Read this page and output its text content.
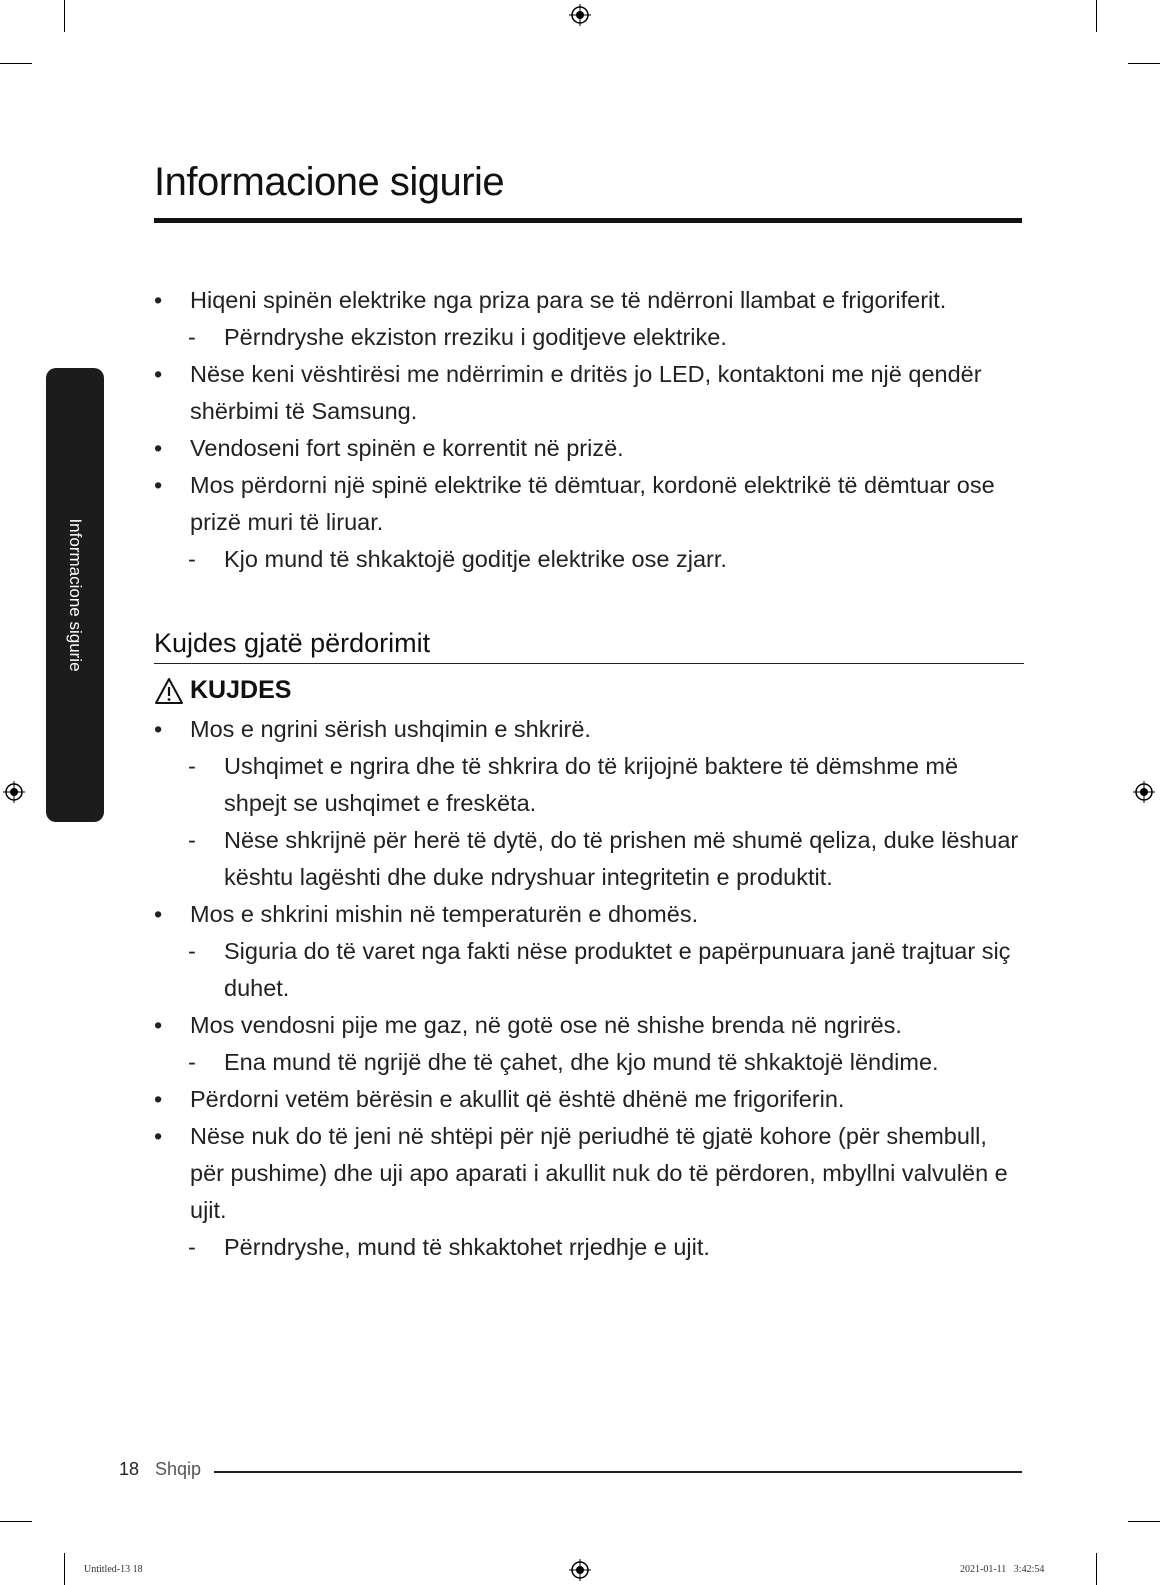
Informacione sigurie
Informacione sigurie
• Hiqeni spinën elektrike nga priza para se të ndërroni llambat e frigoriferit.
- Përndryshe ekziston rreziku i goditjeve elektrike.
• Nëse keni vështirësi me ndërrimin e dritës jo LED, kontaktoni me një qendër shërbimi të Samsung.
• Vendoseni fort spinën e korrentit në prizë.
• Mos përdorni një spinë elektrike të dëmtuar, kordonë elektrikë të dëmtuar ose prizë muri të liruar.
- Kjo mund të shkaktojë goditje elektrike ose zjarr.
Kujdes gjatë përdorimit
KUJDES
• Mos e ngrini sërish ushqimin e shkrirë.
- Ushqimet e ngrira dhe të shkrira do të krijojnë baktere të dëmshme më shpejt se ushqimet e freskëta.
- Nëse shkrijnë për herë të dytë, do të prishen më shumë qeliza, duke lëshuar kështu lagështi dhe duke ndryshuar integritetin e produktit.
• Mos e shkrini mishin në temperaturën e dhomës.
- Siguria do të varet nga fakti nëse produktet e papërpunuara janë trajtuar siç duhet.
• Mos vendosni pije me gaz, në gotë ose në shishe brenda në ngrirës.
- Ena mund të ngrijë dhe të çahet, dhe kjo mund të shkaktojë lëndime.
• Përdorni vetëm bërësin e akullit që është dhënë me frigoriferin.
• Nëse nuk do të jeni në shtëpi për një periudhë të gjatë kohore (për shembull, për pushime) dhe uji apo aparati i akullit nuk do të përdoren, mbyllni valvulën e ujit.
- Përndryshe, mund të shkaktohet rrjedhje e ujit.
18 Shqip
Untitled-13 18	2021-01-11   3:42:54
